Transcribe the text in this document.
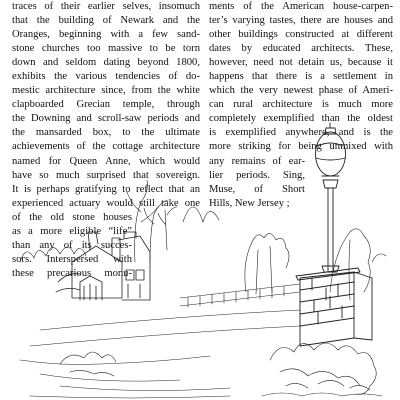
traces of their earlier selves, insomuch
that the building of Newark and the
Oranges, beginning with a few sand-
stone churches too massive to be torn
down and seldom dating beyond 1800,
exhibits the various tendencies of do-
mestic architecture since, from the white
clapboarded Grecian temple, through
the Downing and scroll-saw periods and
the mansarded box, to the ultimate
achievements of the cottage architecture
named for Queen Anne, which would
have so much surprised that sovereign.
It is perhaps gratifying to reflect that an
experienced actuary would still take one
of the old stone houses
as a more eligible “life”
than any of its succes-
sors. Interspersed with
these precarious monu-
ments of the American house-carpen-
ter’s varying tastes, there are houses and
other buildings constructed at different
dates by educated architects. These,
however, need not detain us, because it
happens that there is a settlement in
which the very newest phase of Ameri-
can rural architecture is much more
completely exemplified than the oldest
is exemplified anywhere, and is the
more striking for being unmixed with
any remains of ear-
lier periods. Sing,
Muse, of Short
Hills, New Jersey ;
